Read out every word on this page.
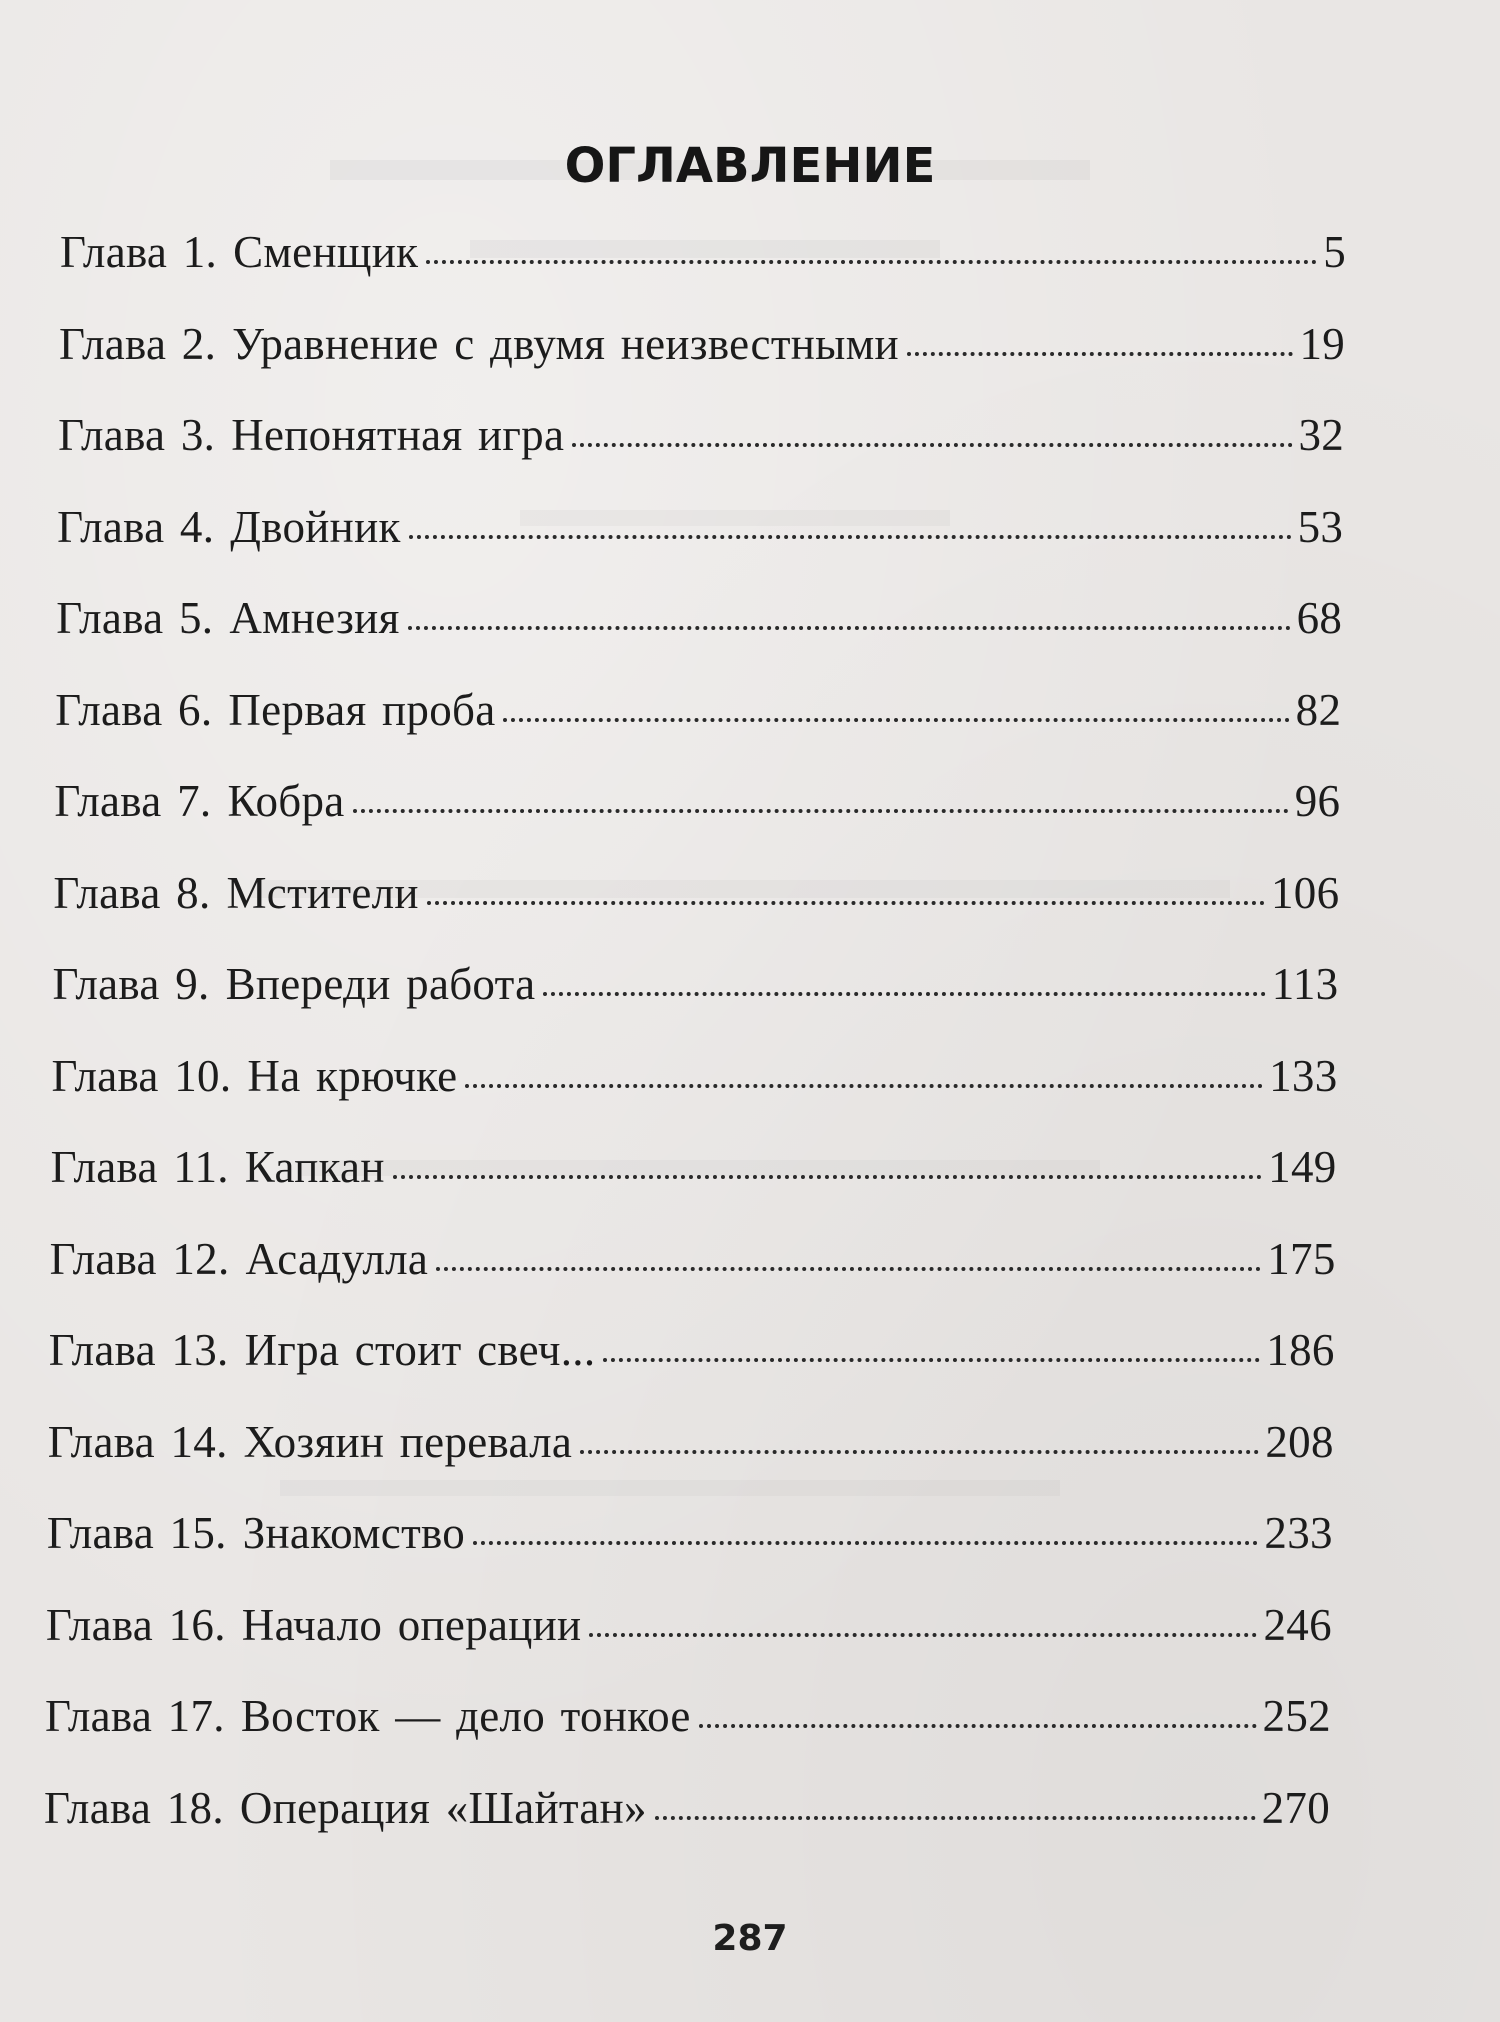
ОГЛАВЛЕНИЕ
Глава 1. Сменщик	5
Глава 2. Уравнение с двумя неизвестными	19
Глава 3. Непонятная игра	32
Глава 4. Двойник	53
Глава 5. Амнезия	68
Глава 6. Первая проба	82
Глава 7. Кобра	96
Глава 8. Мстители	106
Глава 9. Впереди работа	113
Глава 10. На крючке	133
Глава 11. Капкан	149
Глава 12. Асадулла	175
Глава 13. Игра стоит свеч...	186
Глава 14. Хозяин перевала	208
Глава 15. Знакомство	233
Глава 16. Начало операции	246
Глава 17. Восток — дело тонкое	252
Глава 18. Операция «Шайтан»	270
287
